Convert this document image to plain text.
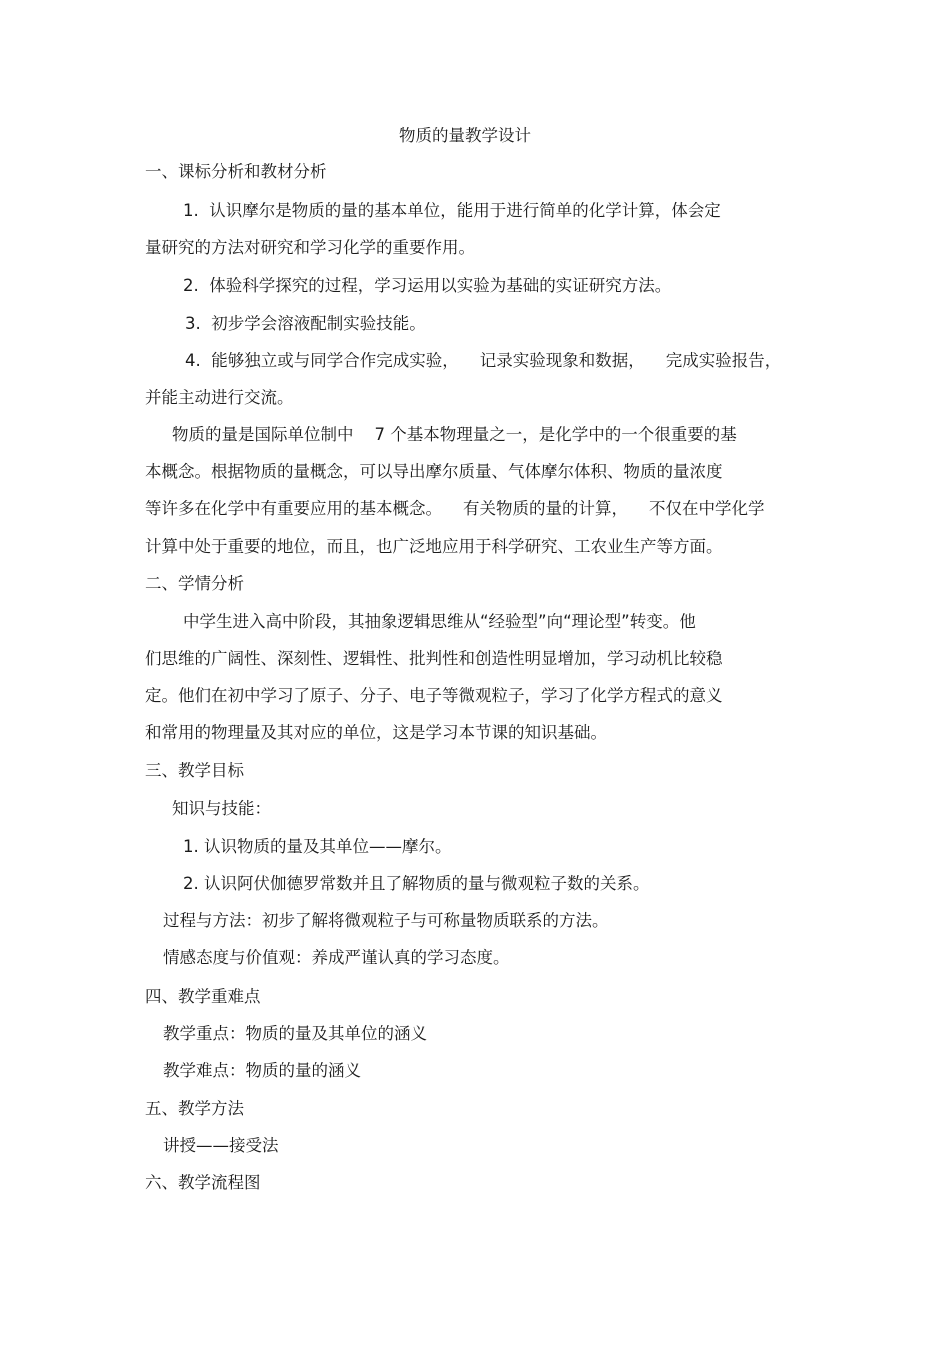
物质的量教学设计
一、课标分析和教材分析
1.  认识摩尔是物质的量的基本单位，能用于进行简单的化学计算，体会定
量研究的方法对研究和学习化学的重要作用。
2.  体验科学探究的过程，学习运用以实验为基础的实证研究方法。
3.  初步学会溶液配制实验技能。
4.  能够独立或与同学合作完成实验，    记录实验现象和数据，    完成实验报告，
并能主动进行交流。
物质的量是国际单位制中    7 个基本物理量之一，是化学中的一个很重要的基
本概念。根据物质的量概念，可以导出摩尔质量、气体摩尔体积、物质的量浓度
等许多在化学中有重要应用的基本概念。    有关物质的量的计算，    不仅在中学化学
计算中处于重要的地位，而且，也广泛地应用于科学研究、工农业生产等方面。
二、学情分析
中学生进入高中阶段，其抽象逻辑思维从“经验型”向“理论型”转变。他
们思维的广阔性、深刻性、逻辑性、批判性和创造性明显增加，学习动机比较稳
定。他们在初中学习了原子、分子、电子等微观粒子，学习了化学方程式的意义
和常用的物理量及其对应的单位，这是学习本节课的知识基础。
三、教学目标
知识与技能：
1. 认识物质的量及其单位——摩尔。
2. 认识阿伏伽德罗常数并且了解物质的量与微观粒子数的关系。
过程与方法：初步了解将微观粒子与可称量物质联系的方法。
情感态度与价值观：养成严谨认真的学习态度。
四、教学重难点
教学重点：物质的量及其单位的涵义
教学难点：物质的量的涵义
五、教学方法
讲授——接受法
六、教学流程图
